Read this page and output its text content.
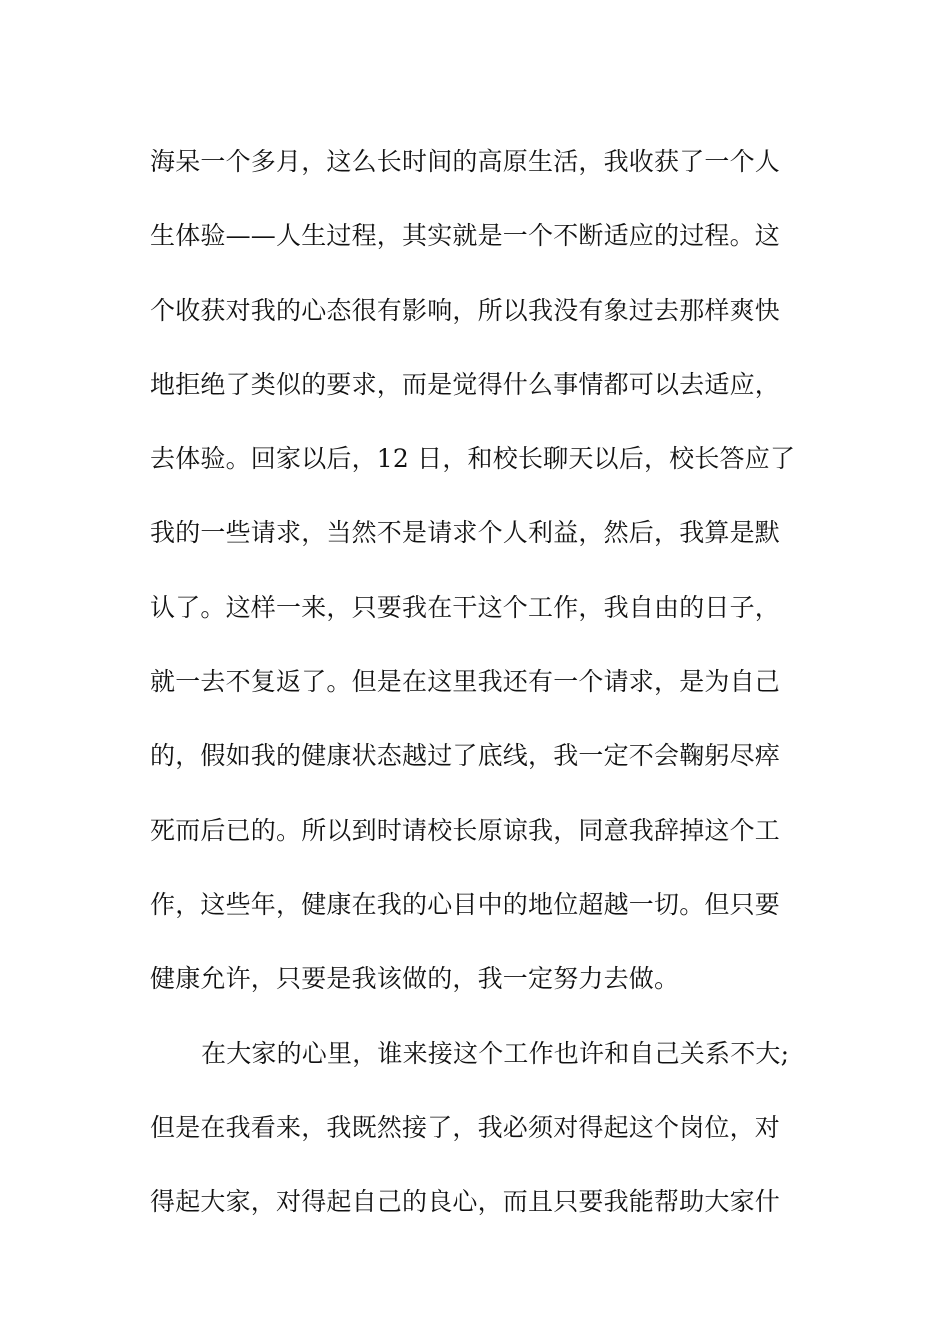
海呆一个多月，这么长时间的高原生活，我收获了一个人
生体验——人生过程，其实就是一个不断适应的过程。这
个收获对我的心态很有影响，所以我没有象过去那样爽快
地拒绝了类似的要求，而是觉得什么事情都可以去适应，
去体验。回家以后，12 日，和校长聊天以后，校长答应了
我的一些请求，当然不是请求个人利益，然后，我算是默
认了。这样一来，只要我在干这个工作，我自由的日子，
就一去不复返了。但是在这里我还有一个请求，是为自己
的，假如我的健康状态越过了底线，我一定不会鞠躬尽瘁
死而后已的。所以到时请校长原谅我，同意我辞掉这个工
作，这些年，健康在我的心目中的地位超越一切。但只要
健康允许，只要是我该做的，我一定努力去做。
在大家的心里，谁来接这个工作也许和自己关系不大;
但是在我看来，我既然接了，我必须对得起这个岗位，对
得起大家，对得起自己的良心，而且只要我能帮助大家什
